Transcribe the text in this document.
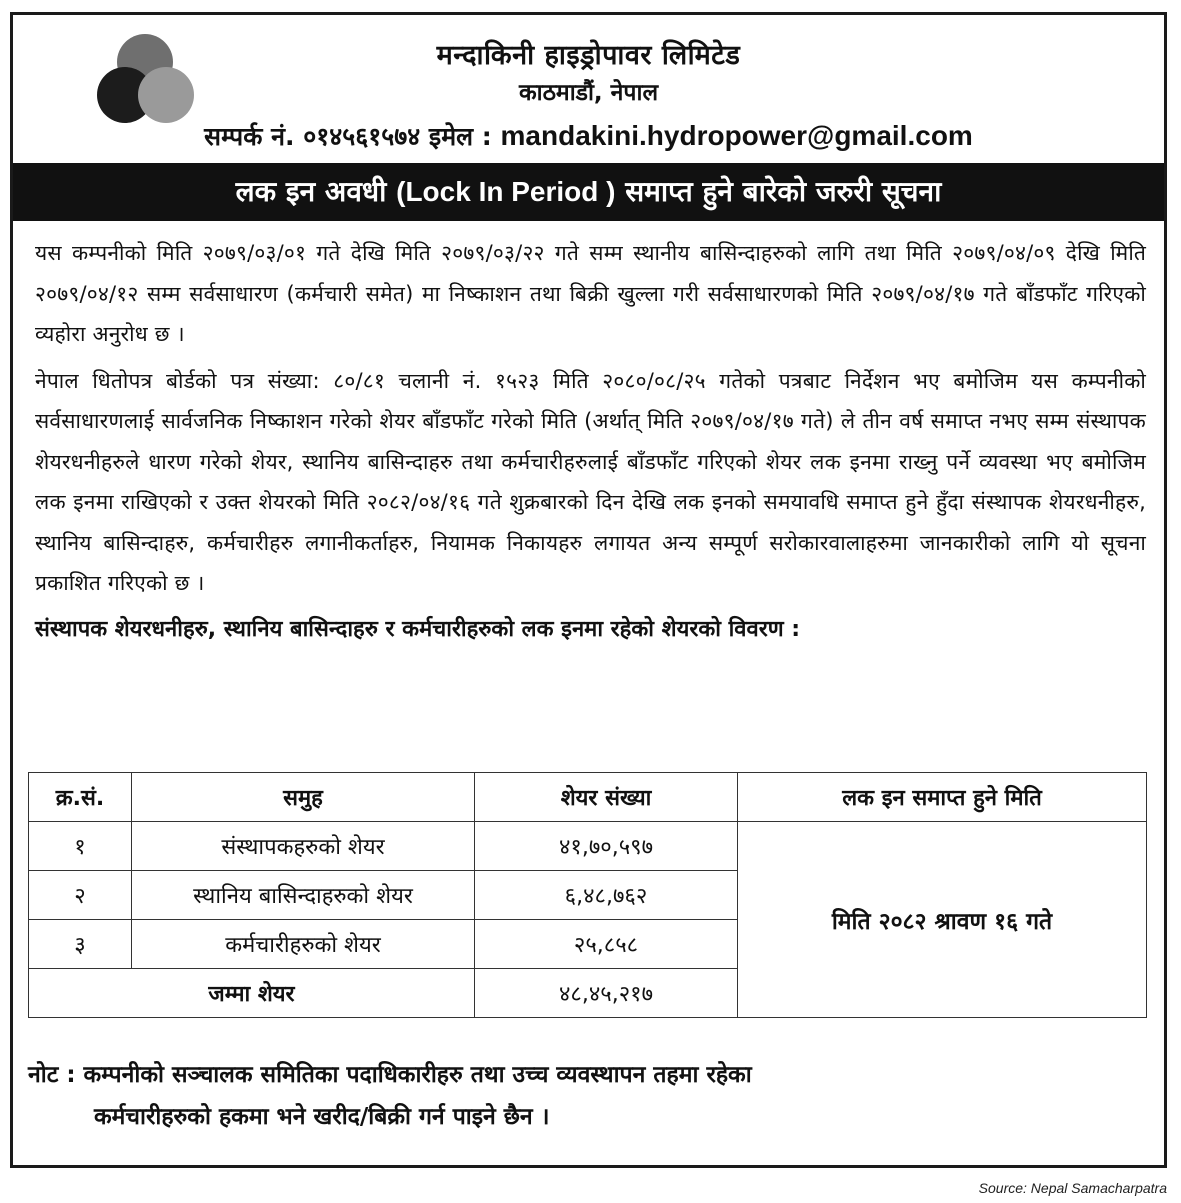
मन्दाकिनी हाइड्रोपावर लिमिटेड
काठमाडौं, नेपाल
सम्पर्क नं. ०१४५६१५७४ इमेल : mandakini.hydropower@gmail.com
लक इन अवधी (Lock In Period ) समाप्त हुने बारेको जरुरी सूचना

यस कम्पनीको मिति २०७९/०३/०१ गते देखि मिति २०७९/०३/२२ गते सम्म स्थानीय बासिन्दाहरुको लागि तथा मिति २०७९/०४/०९ देखि मिति २०७९/०४/१२ सम्म सर्वसाधारण (कर्मचारी समेत) मा निष्काशन तथा बिक्री खुल्ला गरी सर्वसाधारणको मिति २०७९/०४/१७ गते बाँडफाँट गरिएको व्यहोरा अनुरोध छ ।

नेपाल धितोपत्र बोर्डको पत्र संख्या: ८०/८१ चलानी नं. १५२३ मिति २०८०/०८/२५ गतेको पत्रबाट निर्देशन भए बमोजिम यस कम्पनीको सर्वसाधारणलाई सार्वजनिक निष्काशन गरेको शेयर बाँडफाँट गरेको मिति (अर्थात् मिति २०७९/०४/१७ गते) ले तीन वर्ष समाप्त नभए सम्म संस्थापक शेयरधनीहरुले धारण गरेको शेयर, स्थानिय बासिन्दाहरु तथा कर्मचारीहरुलाई बाँडफाँट गरिएको शेयर लक इनमा राख्नु पर्ने व्यवस्था भए बमोजिम लक इनमा राखिएको र उक्त शेयरको मिति २०८२/०४/१६ गते शुक्रबारको दिन देखि लक इनको समयावधि समाप्त हुने हुँदा संस्थापक शेयरधनीहरु, स्थानिय बासिन्दाहरु, कर्मचारीहरु लगानीकर्ताहरु, नियामक निकायहरु लगायत अन्य सम्पूर्ण सरोकारवालाहरुमा जानकारीको लागि यो सूचना प्रकाशित गरिएको छ ।

संस्थापक शेयरधनीहरु, स्थानिय बासिन्दाहरु र कर्मचारीहरुको लक इनमा रहेको शेयरको विवरण :
क्र.सं.	समुह	शेयर संख्या	लक इन समाप्त हुने मिति
१	संस्थापकहरुको शेयर	४१,७०,५९७	मिति २०८२ श्रावण १६ गते
२	स्थानिय बासिन्दाहरुको शेयर	६,४८,७६२	
३	कर्मचारीहरुको शेयर	२५,८५८	
जम्मा शेयर		४८,४५,२१७	
नोट : कम्पनीको सञ्चालक समितिका पदाधिकारीहरु तथा उच्च व्यवस्थापन तहमा रहेका
कर्मचारीहरुको हकमा भने खरीद/बिक्री गर्न पाइने छैन ।
Source: Nepal Samacharpatra
